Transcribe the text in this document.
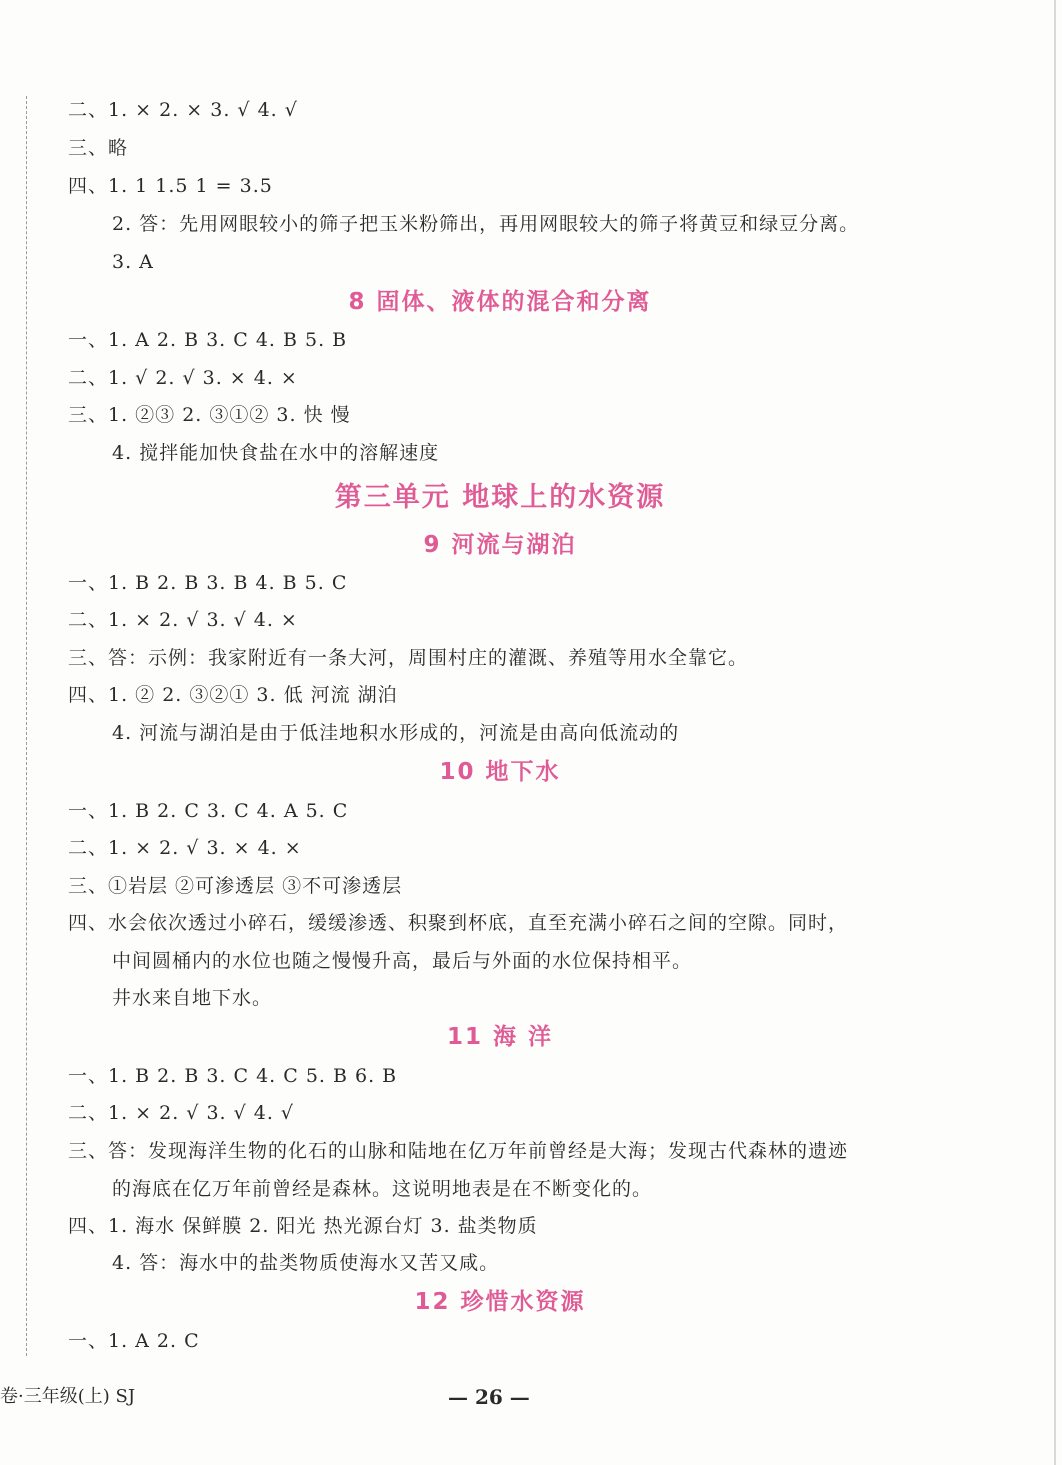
二、1. × 2. × 3. √ 4. √
三、略
四、1. 1 1.5 1 = 3.5
2. 答：先用网眼较小的筛子把玉米粉筛出，再用网眼较大的筛子将黄豆和绿豆分离。
3. A
8 固体、液体的混合和分离
一、1. A 2. B 3. C 4. B 5. B
二、1. √ 2. √ 3. × 4. ×
三、1. ②③ 2. ③①② 3. 快 慢
4. 搅拌能加快食盐在水中的溶解速度
第三单元 地球上的水资源
9 河流与湖泊
一、1. B 2. B 3. B 4. B 5. C
二、1. × 2. √ 3. √ 4. ×
三、答：示例：我家附近有一条大河，周围村庄的灌溉、养殖等用水全靠它。
四、1. ② 2. ③②① 3. 低 河流 湖泊
4. 河流与湖泊是由于低洼地积水形成的，河流是由高向低流动的
10 地下水
一、1. B 2. C 3. C 4. A 5. C
二、1. × 2. √ 3. × 4. ×
三、①岩层 ②可渗透层 ③不可渗透层
四、水会依次透过小碎石，缓缓渗透、积聚到杯底，直至充满小碎石之间的空隙。同时，
中间圆桶内的水位也随之慢慢升高，最后与外面的水位保持相平。
井水来自地下水。
11 海 洋
一、1. B 2. B 3. C 4. C 5. B 6. B
二、1. × 2. √ 3. √ 4. √
三、答：发现海洋生物的化石的山脉和陆地在亿万年前曾经是大海；发现古代森林的遗迹
的海底在亿万年前曾经是森林。这说明地表是在不断变化的。
四、1. 海水 保鲜膜 2. 阳光 热光源台灯 3. 盐类物质
4. 答：海水中的盐类物质使海水又苦又咸。
12 珍惜水资源
一、1. A 2. C
卷·三年级(上) SJ	— 26 —
